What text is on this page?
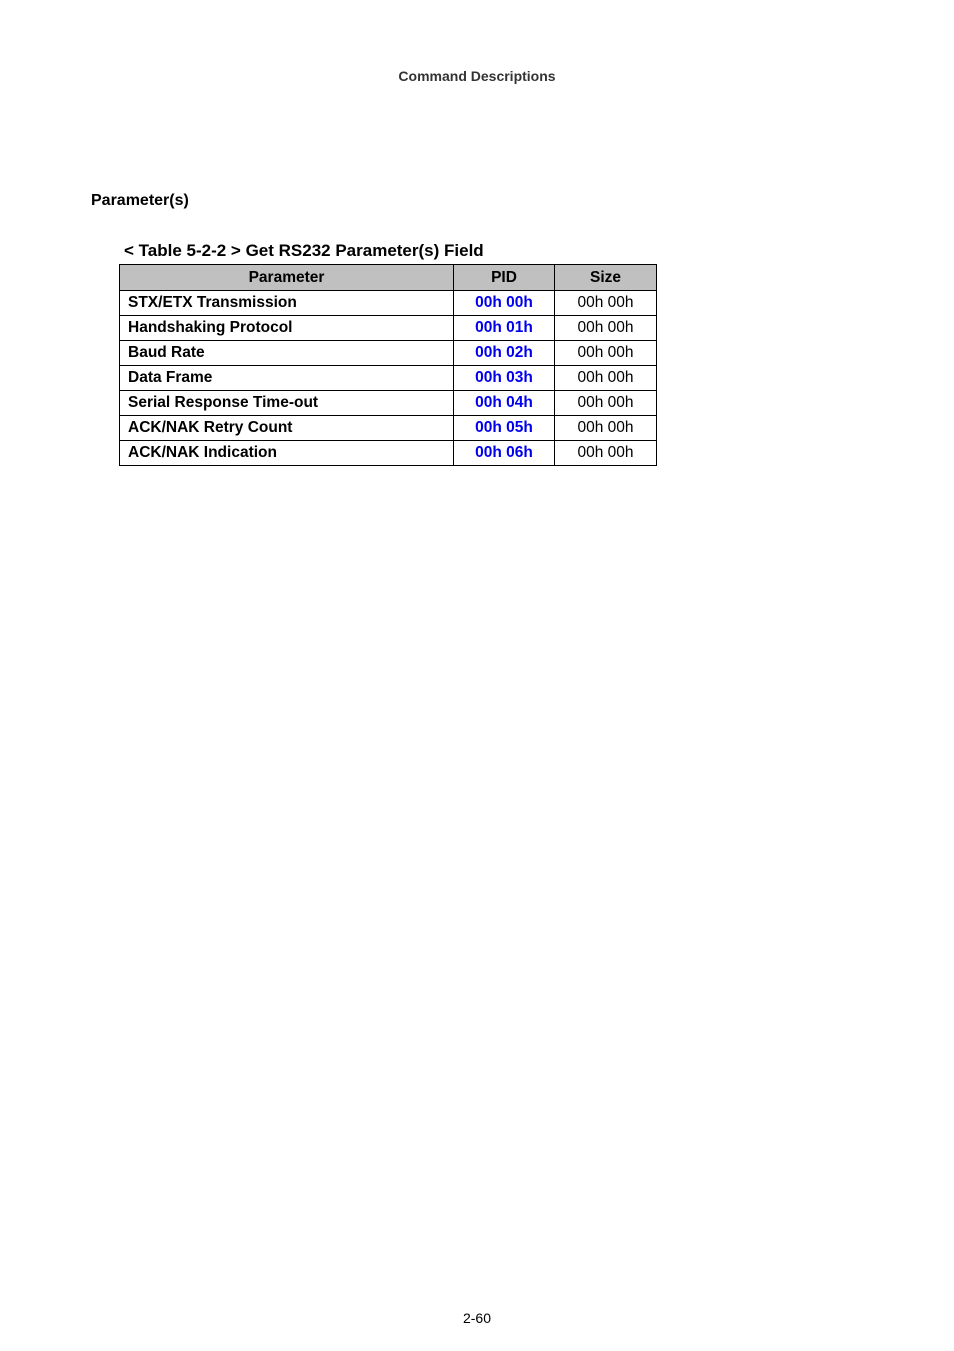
Command Descriptions
Parameter(s)
< Table 5-2-2 > Get RS232 Parameter(s) Field
Parameter	PID	Size
STX/ETX Transmission	00h 00h	00h 00h
Handshaking Protocol	00h 01h	00h 00h
Baud Rate	00h 02h	00h 00h
Data Frame	00h 03h	00h 00h
Serial Response Time-out	00h 04h	00h 00h
ACK/NAK Retry Count	00h 05h	00h 00h
ACK/NAK Indication	00h 06h	00h 00h
2-60
